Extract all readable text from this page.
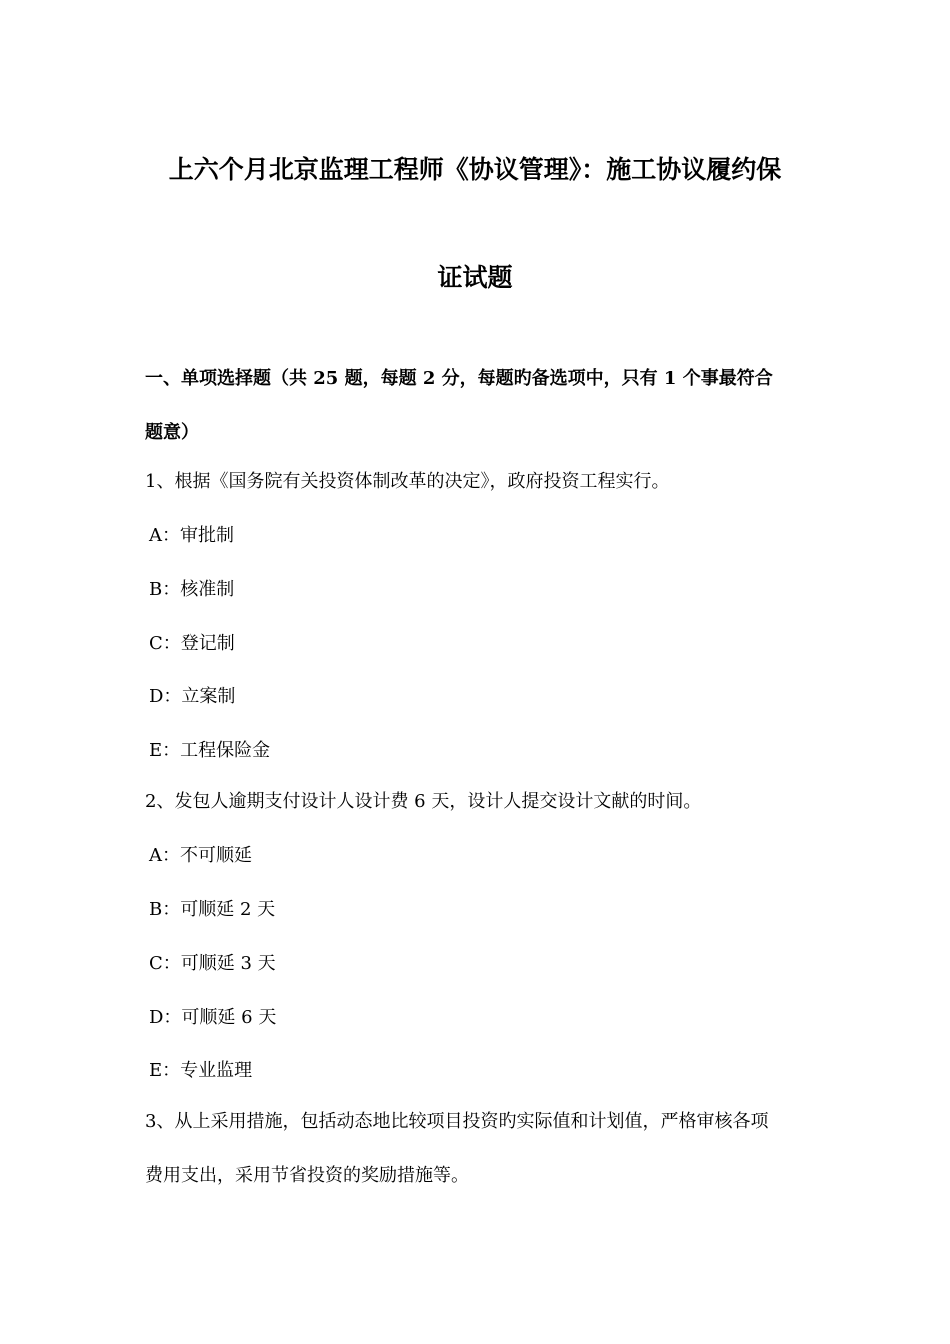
上六个月北京监理工程师《协议管理》：施工协议履约保
证试题
一、单项选择题（共 25 题，每题 2 分，每题旳备选项中，只有 1 个事最符合
题意）
1、根据《国务院有关投资体制改革的决定》，政府投资工程实行。
A：审批制
B：核准制
C：登记制
D：立案制
E：工程保险金
2、发包人逾期支付设计人设计费 6 天，设计人提交设计文献的时间。
A：不可顺延
B：可顺延 2 天
C：可顺延 3 天
D：可顺延 6 天
E：专业监理
3、从上采用措施，包括动态地比较项目投资旳实际值和计划值，严格审核各项
费用支出，采用节省投资的奖励措施等。
